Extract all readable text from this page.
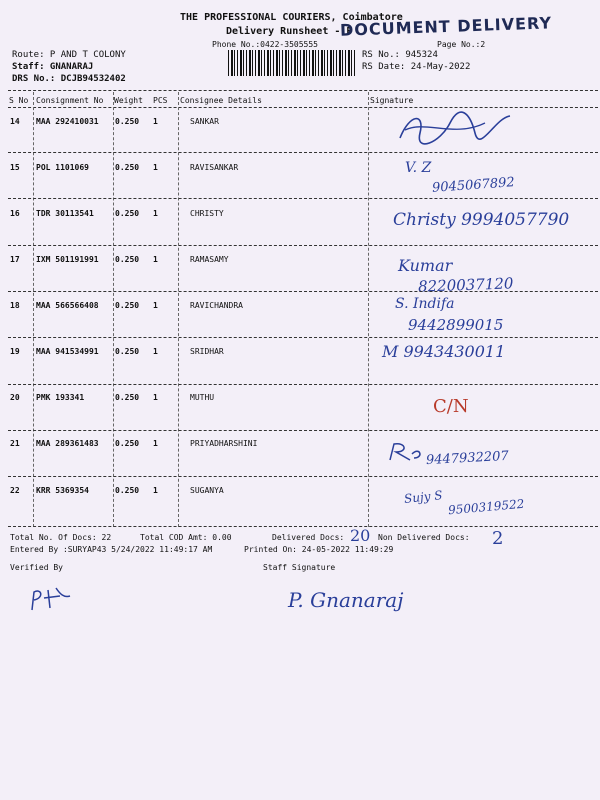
THE PROFESSIONAL COURIERS, Coimbatore
Delivery Runsheet - P
DOCUMENT DELIVERY
Phone No.:0422-3505555	Page No.:2
Route: P AND T COLONY
Staff: GNANARAJ
DRS No.: DCJB94532402
RS No.: 945324
RS Date: 24-May-2022
S No Consignment No Weight PCS Consignee Details	Signature
14 MAA 292410031 0.250 1	SANKAR
15 POL 1101069	0.250 1	RAVISANKAR	V. Z
9045067892
16 TDR 30113541	0.250 1	CHRISTY	Christy 9994057790
17 IXM 501191991 0.250 1	RAMASAMY	Kumar
8220037120
18 MAA 566566408 0.250 1	RAVICHANDRA	S. Indifa
9442899015
19 MAA 941534991 0.250 1	SRIDHAR	M 9943430011
20 PMK 193341	0.250 1	MUTHU	C/N
21 MAA 289361483 0.250 1	PRIYADHARSHINI
9447932207
22 KRR 5369354	0.250 1	SUGANYA	Sujy S 9500319522
Total No. Of Docs: 22	Total COD Amt: 0.00	Delivered Docs: 20 Non Delivered Docs: 2
Entered By :SURYAP43 5/24/2022 11:49:17 AM	Printed On: 24-05-2022 11:49:29
Verified By	Staff Signature
P. Gnanaraj
